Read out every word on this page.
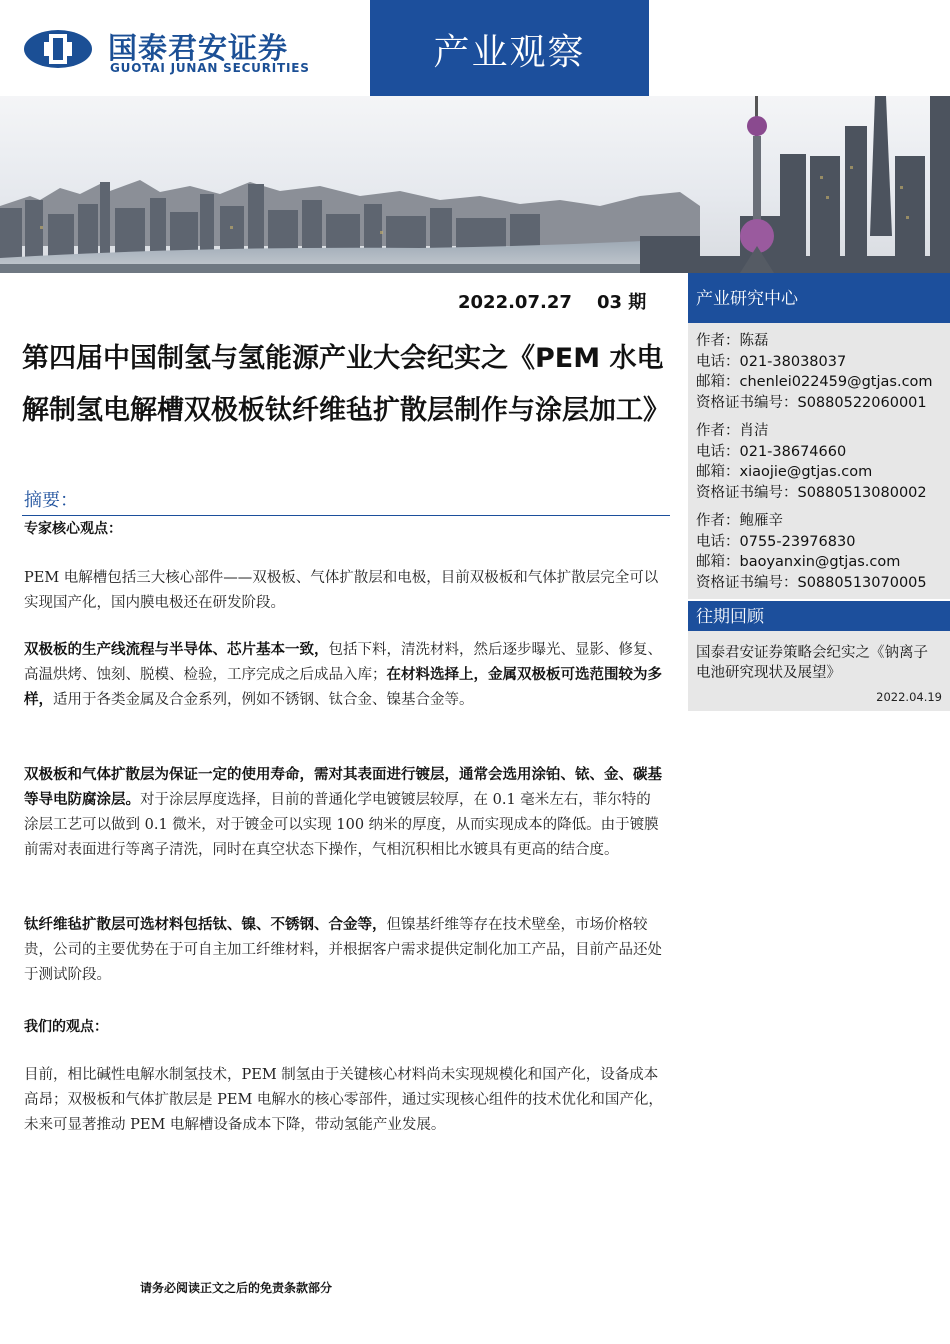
国泰君安证券
GUOTAI JUNAN SECURITIES	产业观察
2022.07.27    03 期
第四届中国制氢与氢能源产业大会纪实之《PEM 水电解制氢电解槽双极板钛纤维毡扩散层制作与涂层加工》
摘要：
专家核心观点：
PEM 电解槽包括三大核心部件——双极板、气体扩散层和电极，目前双极板和气体扩散层完全可以实现国产化，国内膜电极还在研发阶段。
双极板的生产线流程与半导体、芯片基本一致，包括下料，清洗材料，然后逐步曝光、显影、修复、高温烘烤、蚀刻、脱模、检验，工序完成之后成品入库；在材料选择上，金属双极板可选范围较为多样，适用于各类金属及合金系列，例如不锈钢、钛合金、镍基合金等。
双极板和气体扩散层为保证一定的使用寿命，需对其表面进行镀层，通常会选用涂铂、铱、金、碳基等导电防腐涂层。对于涂层厚度选择，目前的普通化学电镀镀层较厚，在 0.1 毫米左右，菲尔特的涂层工艺可以做到 0.1 微米，对于镀金可以实现 100 纳米的厚度，从而实现成本的降低。由于镀膜前需对表面进行等离子清洗，同时在真空状态下操作，气相沉积相比水镀具有更高的结合度。
钛纤维毡扩散层可选材料包括钛、镍、不锈钢、合金等，但镍基纤维等存在技术壁垒，市场价格较贵，公司的主要优势在于可自主加工纤维材料，并根据客户需求提供定制化加工产品，目前产品还处于测试阶段。
我们的观点：
目前，相比碱性电解水制氢技术，PEM 制氢由于关键核心材料尚未实现规模化和国产化，设备成本高昂；双极板和气体扩散层是 PEM 电解水的核心零部件，通过实现核心组件的技术优化和国产化，未来可显著推动 PEM 电解槽设备成本下降，带动氢能产业发展。
请务必阅读正文之后的免责条款部分
产业研究中心
作者：陈磊
电话：021-38038037
邮箱：chenlei022459@gtjas.com
资格证书编号：S0880522060001
作者：肖洁
电话：021-38674660
邮箱：xiaojie@gtjas.com
资格证书编号：S0880513080002
作者：鲍雁辛
电话：0755-23976830
邮箱：baoyanxin@gtjas.com
资格证书编号：S0880513070005
往期回顾
国泰君安证券策略会纪实之《钠离子电池研究现状及展望》
2022.04.19
